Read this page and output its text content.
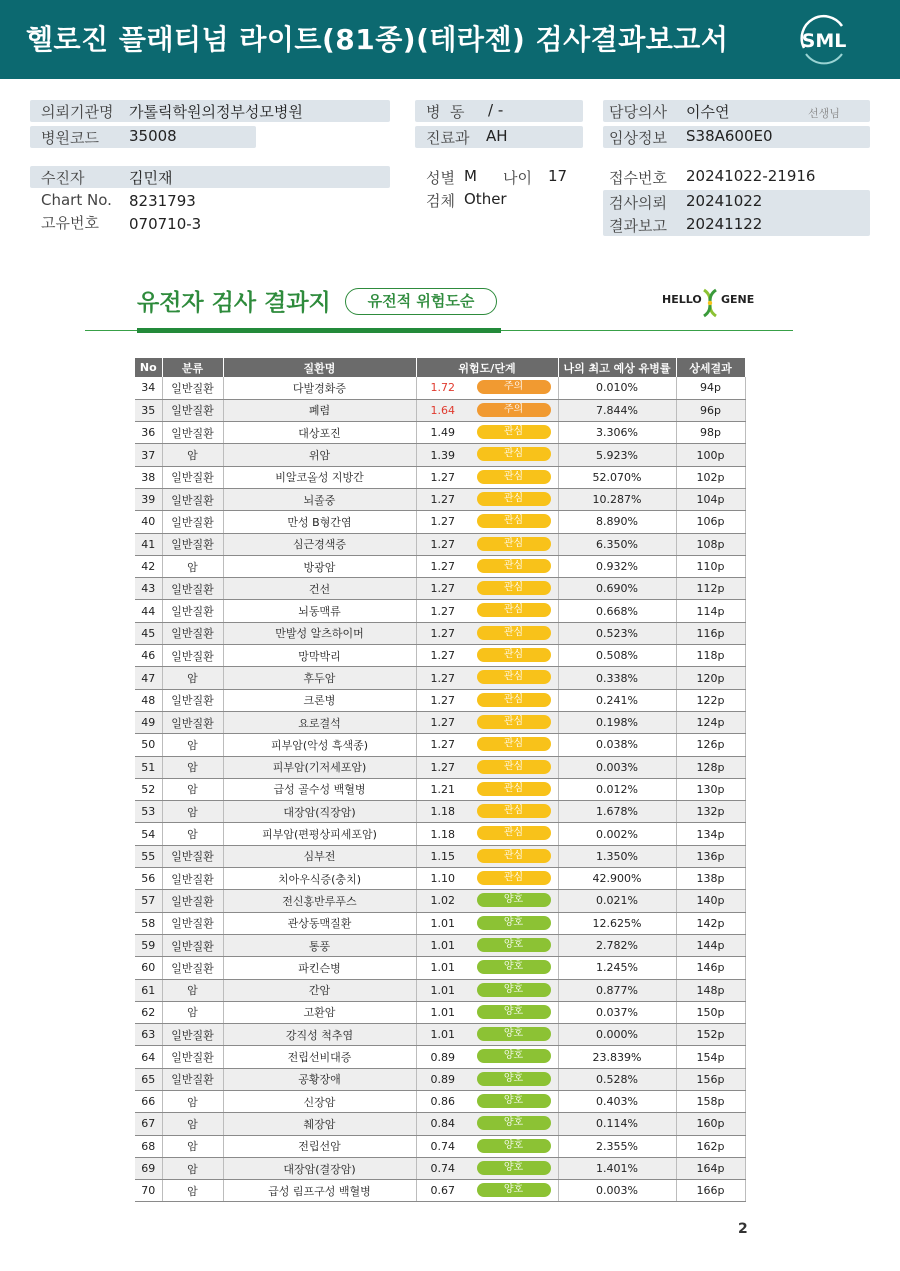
헬로진 플래티넘 라이트(81종)(테라젠) 검사결과보고서	SML
의뢰기관명 가톨릭학원의정부성모병원
병원코드 35008
병  동 / -
진료과 AH
담당의사 이수연	선생님
임상정보 S38A600E0
수진자	김민재
Chart No. 8231793
고유번호 070710-3
성별 M 나이 17
검체 Other
접수번호 20241022-21916
검사의뢰 20241022
결과보고 20241122
유전자 검사 결과지	유전적 위험도순	HELLO GENE
No	분류	질환명	위험도/단계	나의 최고 예상 유병률	상세결과
34	일반질환	다발경화증	1.72 주의	0.010%	94p
35	일반질환	폐렴	1.64 주의	7.844%	96p
36	일반질환	대상포진	1.49 관심	3.306%	98p
37	암	위암	1.39 관심	5.923%	100p
38	일반질환	비알코올성 지방간	1.27 관심	52.070%	102p
39	일반질환	뇌졸중	1.27 관심	10.287%	104p
40	일반질환	만성 B형간염	1.27 관심	8.890%	106p
41	일반질환	심근경색증	1.27 관심	6.350%	108p
42	암	방광암	1.27 관심	0.932%	110p
43	일반질환	건선	1.27 관심	0.690%	112p
44	일반질환	뇌동맥류	1.27 관심	0.668%	114p
45	일반질환	만발성 알츠하이머	1.27 관심	0.523%	116p
46	일반질환	망막박리	1.27 관심	0.508%	118p
47	암	후두암	1.27 관심	0.338%	120p
48	일반질환	크론병	1.27 관심	0.241%	122p
49	일반질환	요로결석	1.27 관심	0.198%	124p
50	암	피부암(악성 흑색종)	1.27 관심	0.038%	126p
51	암	피부암(기저세포암)	1.27 관심	0.003%	128p
52	암	급성 골수성 백혈병	1.21 관심	0.012%	130p
53	암	대장암(직장암)	1.18 관심	1.678%	132p
54	암	피부암(편평상피세포암)	1.18 관심	0.002%	134p
55	일반질환	심부전	1.15 관심	1.350%	136p
56	일반질환	치아우식증(충치)	1.10 관심	42.900%	138p
57	일반질환	전신홍반루푸스	1.02 양호	0.021%	140p
58	일반질환	관상동맥질환	1.01 양호	12.625%	142p
59	일반질환	통풍	1.01 양호	2.782%	144p
60	일반질환	파킨슨병	1.01 양호	1.245%	146p
61	암	간암	1.01 양호	0.877%	148p
62	암	고환암	1.01 양호	0.037%	150p
63	일반질환	강직성 척추염	1.01 양호	0.000%	152p
64	일반질환	전립선비대증	0.89 양호	23.839%	154p
65	일반질환	공황장애	0.89 양호	0.528%	156p
66	암	신장암	0.86 양호	0.403%	158p
67	암	췌장암	0.84 양호	0.114%	160p
68	암	전립선암	0.74 양호	2.355%	162p
69	암	대장암(결장암)	0.74 양호	1.401%	164p
70	암	급성 림프구성 백혈병	0.67 양호	0.003%	166p
2
